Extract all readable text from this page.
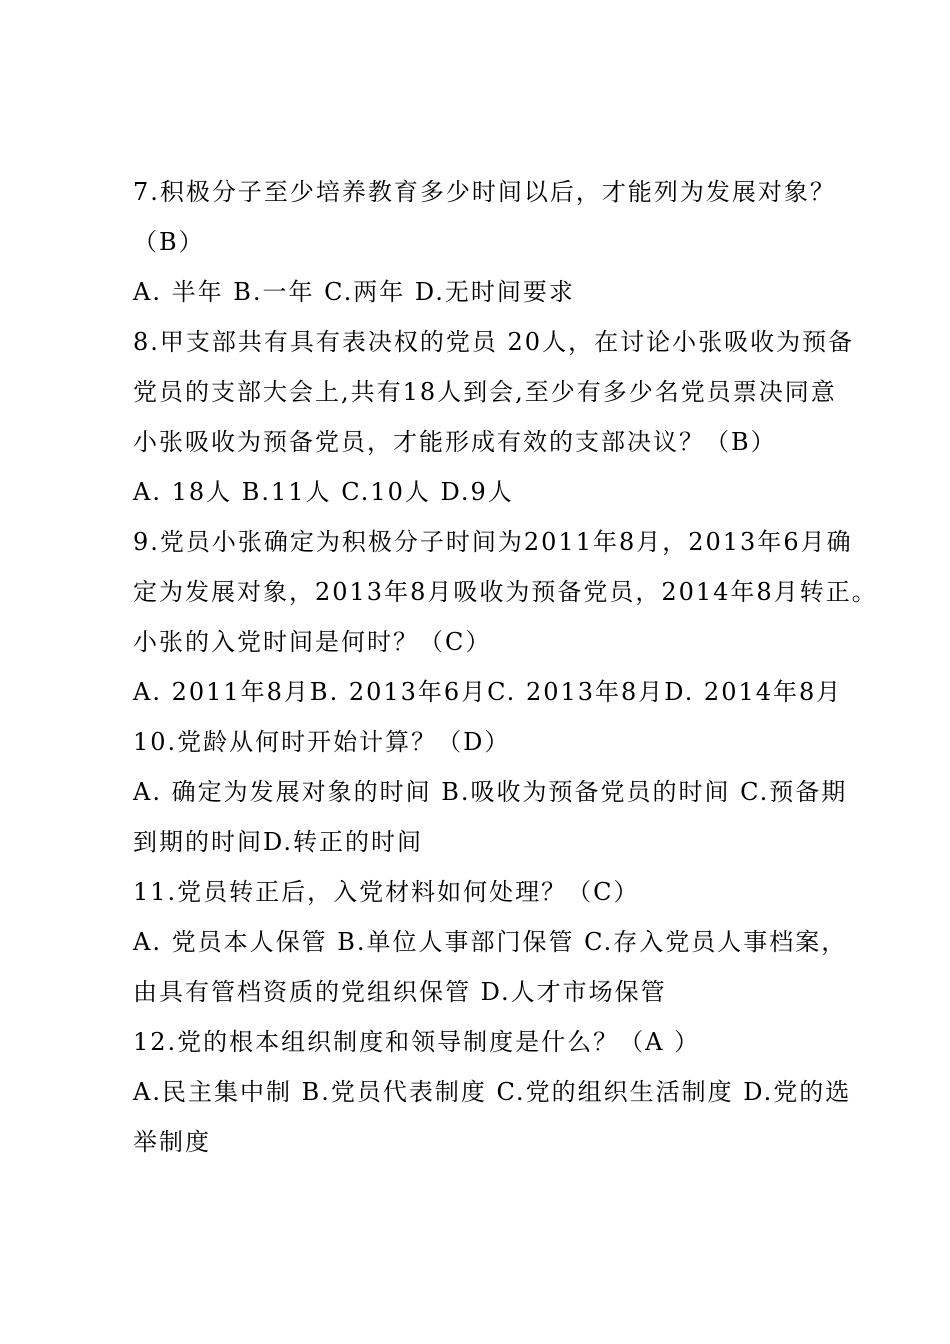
7.积极分子至少培养教育多少时间以后，才能列为发展对象？
（B）
A. 半年 B.一年 C.两年 D.无时间要求
8.甲支部共有具有表决权的党员 20人，在讨论小张吸收为预备
党员的支部大会上,共有18人到会,至少有多少名党员票决同意
小张吸收为预备党员，才能形成有效的支部决议？（B）
A. 18人 B.11人 C.10人 D.9人
9.党员小张确定为积极分子时间为2011年8月，2013年6月确
定为发展对象，2013年8月吸收为预备党员，2014年8月转正。
小张的入党时间是何时？（C）
A. 2011年8月B. 2013年6月C. 2013年8月D. 2014年8月
10.党龄从何时开始计算？（D）
A. 确定为发展对象的时间 B.吸收为预备党员的时间 C.预备期
到期的时间D.转正的时间
11.党员转正后，入党材料如何处理？（C）
A. 党员本人保管 B.单位人事部门保管 C.存入党员人事档案，
由具有管档资质的党组织保管 D.人才市场保管
12.党的根本组织制度和领导制度是什么？（A ）
A.民主集中制 B.党员代表制度 C.党的组织生活制度 D.党的选
举制度
